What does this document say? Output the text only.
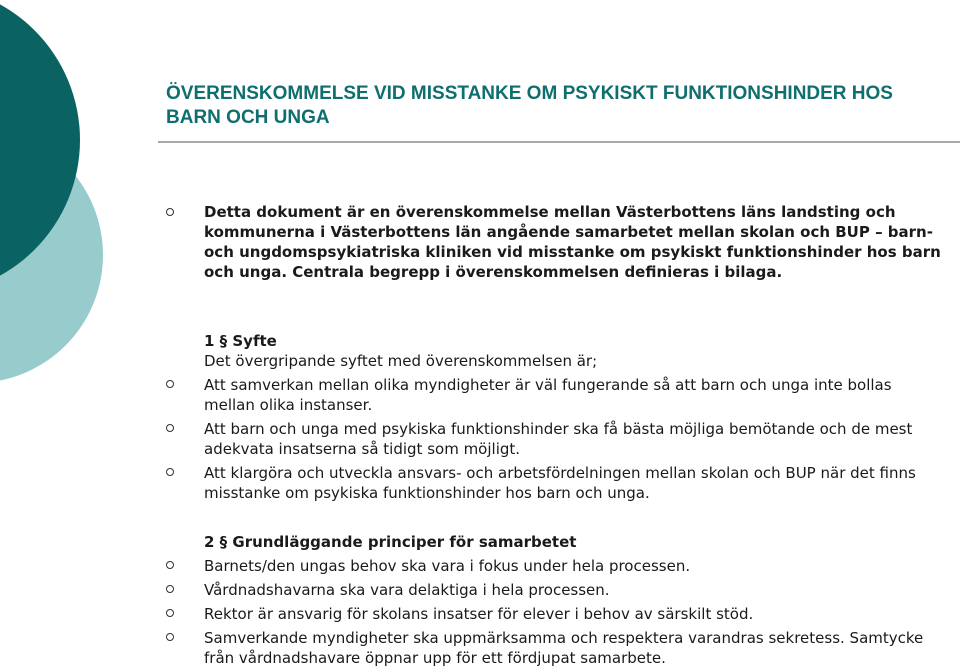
ÖVERENSKOMMELSE VID MISSTANKE OM PSYKISKT FUNKTIONSHINDER HOS BARN OCH UNGA

Detta dokument är en överenskommelse mellan Västerbottens läns landsting och kommunerna i Västerbottens län angående samarbetet mellan skolan och BUP – barn- och ungdomspsykiatriska kliniken vid misstanke om psykiskt funktionshinder hos barn och unga. Centrala begrepp i överenskommelsen definieras i bilaga.

1 § Syfte

Det övergripande syftet med överenskommelsen är;

Att samverkan mellan olika myndigheter är väl fungerande så att barn och unga inte bollas mellan olika instanser.

Att barn och unga med psykiska funktionshinder ska få bästa möjliga bemötande och de mest adekvata insatserna så tidigt som möjligt.

Att klargöra och utveckla ansvars- och arbetsfördelningen mellan skolan och BUP när det finns misstanke om psykiska funktionshinder hos barn och unga.

2 § Grundläggande principer för samarbetet

Barnets/den ungas behov ska vara i fokus under hela processen.

Vårdnadshavarna ska vara delaktiga i hela processen.

Rektor är ansvarig för skolans insatser för elever i behov av särskilt stöd.

Samverkande myndigheter ska uppmärksamma och respektera varandras sekretess. Samtycke från vårdnadshavare öppnar upp för ett fördjupat samarbete.
